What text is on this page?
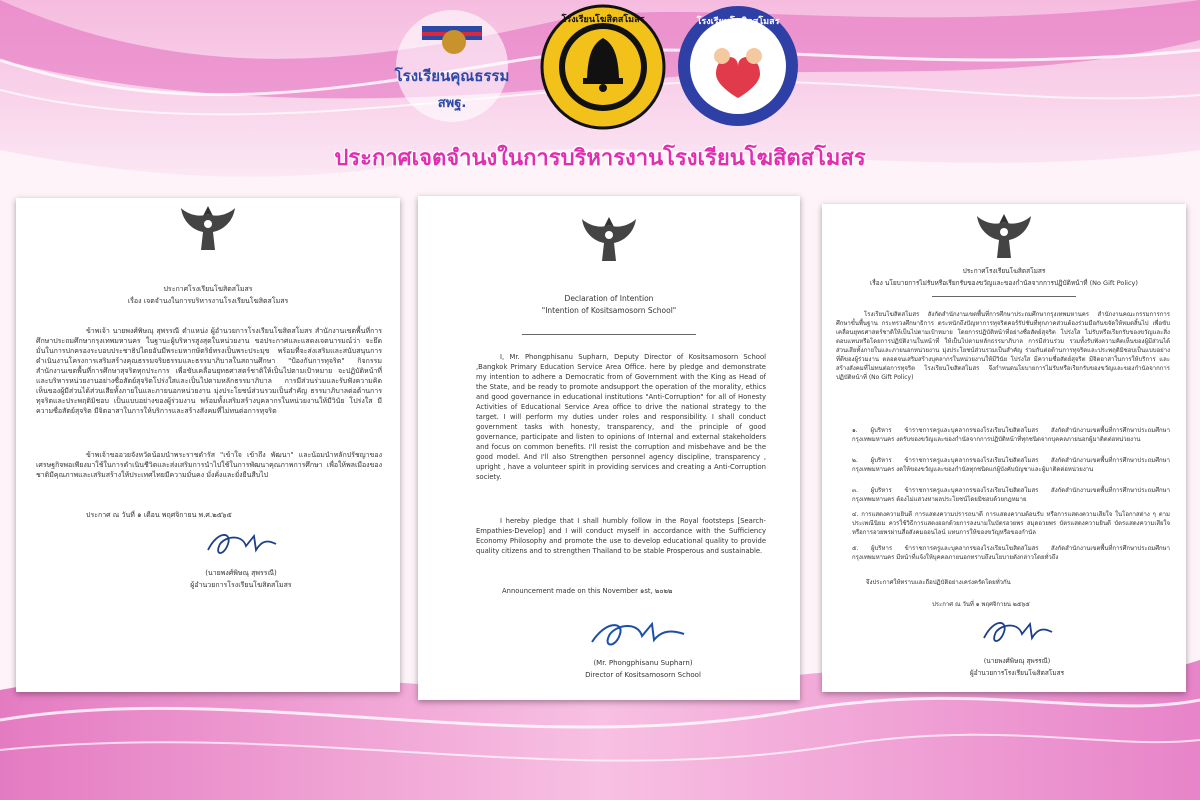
โรงเรียนคุณธรรม
สพฐ.
โรงเรียนโฆสิตสโมสร	โรงเรียนโฆสิตสโมสร
ประกาศเจตจำนงในการบริหารงานโรงเรียนโฆสิตสโมสร
ประกาศโรงเรียนโฆสิตสโมสร
เรื่อง เจตจำนงในการบริหารงานโรงเรียนโฆสิตสโมสร
ข้าพเจ้า นายพงศ์พิษณุ สุพรรณี ตำแหน่ง ผู้อำนวยการโรงเรียนโฆสิตสโมสร สำนักงานเขตพื้นที่การศึกษาประถมศึกษากรุงเทพมหานคร ในฐานะผู้บริหารสูงสุดในหน่วยงาน ขอประกาศและแสดงเจตนารมณ์ว่า จะยึดมั่นในการปกครองระบอบประชาธิปไตยอันมีพระมหากษัตริย์ทรงเป็นพระประมุข พร้อมที่จะส่งเสริมและสนับสนุนการดำเนินงานโครงการเสริมสร้างคุณธรรมจริยธรรมและธรรมาภิบาลในสถานศึกษา "ป้องกันการทุจริต" กิจกรรมสำนักงานเขตพื้นที่การศึกษาสุจริตทุกประการ เพื่อขับเคลื่อนยุทธศาสตร์ชาติให้เป็นไปตามเป้าหมาย จะปฏิบัติหน้าที่และบริหารหน่วยงานอย่างซื่อสัตย์สุจริตโปร่งใสและเป็นไปตามหลักธรรมาภิบาล การมีส่วนร่วมและรับฟังความคิดเห็นของผู้มีส่วนได้ส่วนเสียทั้งภายในและภายนอกหน่วยงาน มุ่งประโยชน์ส่วนรวมเป็นสำคัญ ธรรมาภิบาลต่อต้านการทุจริตและประพฤติมิชอบ เป็นแบบอย่างของผู้ร่วมงาน พร้อมทั้งเสริมสร้างบุคลากรในหน่วยงานให้มีวินัย โปร่งใส มีความซื่อสัตย์สุจริต มีจิตอาสาในการให้บริการและสร้างสังคมที่ไม่ทนต่อการทุจริต
ข้าพเจ้าขออวยจังหวัดน้อมนำพระราชดำรัส "เข้าใจ เข้าถึง พัฒนา" และน้อมนำหลักปรัชญาของเศรษฐกิจพอเพียงมาใช้ในการดำเนินชีวิตและส่งเสริมการนำไปใช้ในการพัฒนาคุณภาพการศึกษา เพื่อให้พลเมืองของชาติมีคุณภาพและเสริมสร้างให้ประเทศไทยมีความมั่นคง มั่งคั่งและยั่งยืนสืบไป
ประกาศ ณ วันที่ ๑ เดือน พฤศจิกายน พ.ศ.๒๕๖๕
(นายพงศ์พิษณุ สุพรรณี)
ผู้อำนวยการโรงเรียนโฆสิตสโมสร
Declaration of Intention
"Intention of Kositsamosorn School"
I, Mr. Phongphisanu Supharn, Deputy Director of Kositsamosorn School ,Bangkok Primary Education Service Area Office. here by pledge and demonstrate my intention to adhere a Democratic from of Government with the King as Head of the State, and be ready to promote andsupport the operation of the morality, ethics and good governance in educational institutions "Anti-Corruption" for all of Honesty Activities of Educational Service Area office to drive the national strategy to the target. I will perform my duties under roles and responsibility. I shall conduct government tasks with honesty, transparency, and the principle of good governance, participate and listen to opinions of Internal and external stakeholders and focus on common benefits. I'll resist the corruption and misbehave and be the good model. And I'll also Strengthen personnel agency discipline, transparency , upright , have a volunteer spirit in providing services and creating a Anti-Corruption society.
I hereby pledge that I shall humbly follow in the Royal footsteps [Search-Empathies-Develop] and I will conduct myself in accordance with the Sufficiency Economy Philosophy and promote the use to develop educational quality to provide quality citizens and to strengthen Thailand to be stable Prosperous and sustainable.
Announcement made on this November ๑st, ๒๐๒๒
(Mr. Phongphisanu Supharn)
Director of Kositsamosorn School
ประกาศโรงเรียนโฆสิตสโมสร
เรื่อง นโยบายการไม่รับหรือเรียกรับของขวัญและของกำนัลจากการปฏิบัติหน้าที่ (No Gift Policy)
โรงเรียนโฆสิตสโมสร สังกัดสำนักงานเขตพื้นที่การศึกษาประถมศึกษากรุงเทพมหานคร สำนักงานคณะกรรมการการศึกษาขั้นพื้นฐาน กระทรวงศึกษาธิการ ตระหนักถึงปัญหาการทุจริตคอร์รัปชันที่ทุกภาคส่วนต้องร่วมมือกันขจัดให้หมดสิ้นไป เพื่อขับเคลื่อนยุทธศาสตร์ชาติให้เป็นไปตามเป้าหมาย โดยการปฏิบัติหน้าที่อย่างซื่อสัตย์สุจริต โปร่งใส ไม่รับหรือเรียกรับของขวัญและสิ่งตอบแทนหรือโดยการปฏิบัติงานในหน้าที่ ให้เป็นไปตามหลักธรรมาภิบาล การมีส่วนร่วม รวมทั้งรับฟังความคิดเห็นของผู้มีส่วนได้ส่วนเสียทั้งภายในและภายนอกหน่วยงาน มุ่งประโยชน์ส่วนรวมเป็นสำคัญ ร่วมกันต่อต้านการทุจริตและประพฤติมิชอบเป็นแบบอย่างที่ดีของผู้ร่วมงาน ตลอดจนเสริมสร้างบุคลากรในหน่วยงานให้มีวินัย โปร่งใส มีความซื่อสัตย์สุจริต มีจิตอาสาในการให้บริการ และสร้างสังคมที่ไม่ทนต่อการทุจริต โรงเรียนโฆสิตสโมสร จึงกำหนดนโยบายการไม่รับหรือเรียกรับของขวัญและของกำนัลจากการปฏิบัติหน้าที่ (No Gift Policy)
๑. ผู้บริหาร ข้าราชการครูและบุคลากรของโรงเรียนโฆสิตสโมสร สังกัดสำนักงานเขตพื้นที่การศึกษาประถมศึกษากรุงเทพมหานคร งดรับของขวัญและของกำนัลจากการปฏิบัติหน้าที่ทุกชนิดจากบุคคลภายนอกผู้มาติดต่อหน่วยงาน
๒. ผู้บริหาร ข้าราชการครูและบุคลากรของโรงเรียนโฆสิตสโมสร สังกัดสำนักงานเขตพื้นที่การศึกษาประถมศึกษากรุงเทพมหานคร งดให้ของขวัญและของกำนัลทุกชนิดแก่ผู้บังคับบัญชาและผู้มาติดต่อหน่วยงาน
๓. ผู้บริหาร ข้าราชการครูและบุคลากรของโรงเรียนโฆสิตสโมสร สังกัดสำนักงานเขตพื้นที่การศึกษาประถมศึกษากรุงเทพมหานคร ต้องไม่แสวงหาผลประโยชน์โดยมิชอบด้วยกฎหมาย
๔. การแสดงความยินดี การแสดงความปรารถนาดี การแสดงความต้อนรับ หรือการแสดงความเสียใจ ในโอกาสต่าง ๆ ตามประเพณีนิยม ควรใช้วิธีการแสดงออกด้วยการลงนามในบัตรอวยพร สมุดอวยพร บัตรแสดงความยินดี บัตรแสดงความเสียใจ หรือการอวยพรผ่านสื่อสังคมออนไลน์ แทนการให้ของขวัญหรือของกำนัล
๕. ผู้บริหาร ข้าราชการครูและบุคลากรของโรงเรียนโฆสิตสโมสร สังกัดสำนักงานเขตพื้นที่การศึกษาประถมศึกษากรุงเทพมหานคร มีหน้าที่แจ้งให้บุคคลภายนอกทราบถึงนโยบายดังกล่าวโดยทั่วถึง
จึงประกาศให้ทราบและถือปฏิบัติอย่างเคร่งครัดโดยทั่วกัน
ประกาศ ณ วันที่ ๑ พฤศจิกายน ๒๕๖๕
(นายพงศ์พิษณุ สุพรรณี)
ผู้อำนวยการโรงเรียนโฆสิตสโมสร
